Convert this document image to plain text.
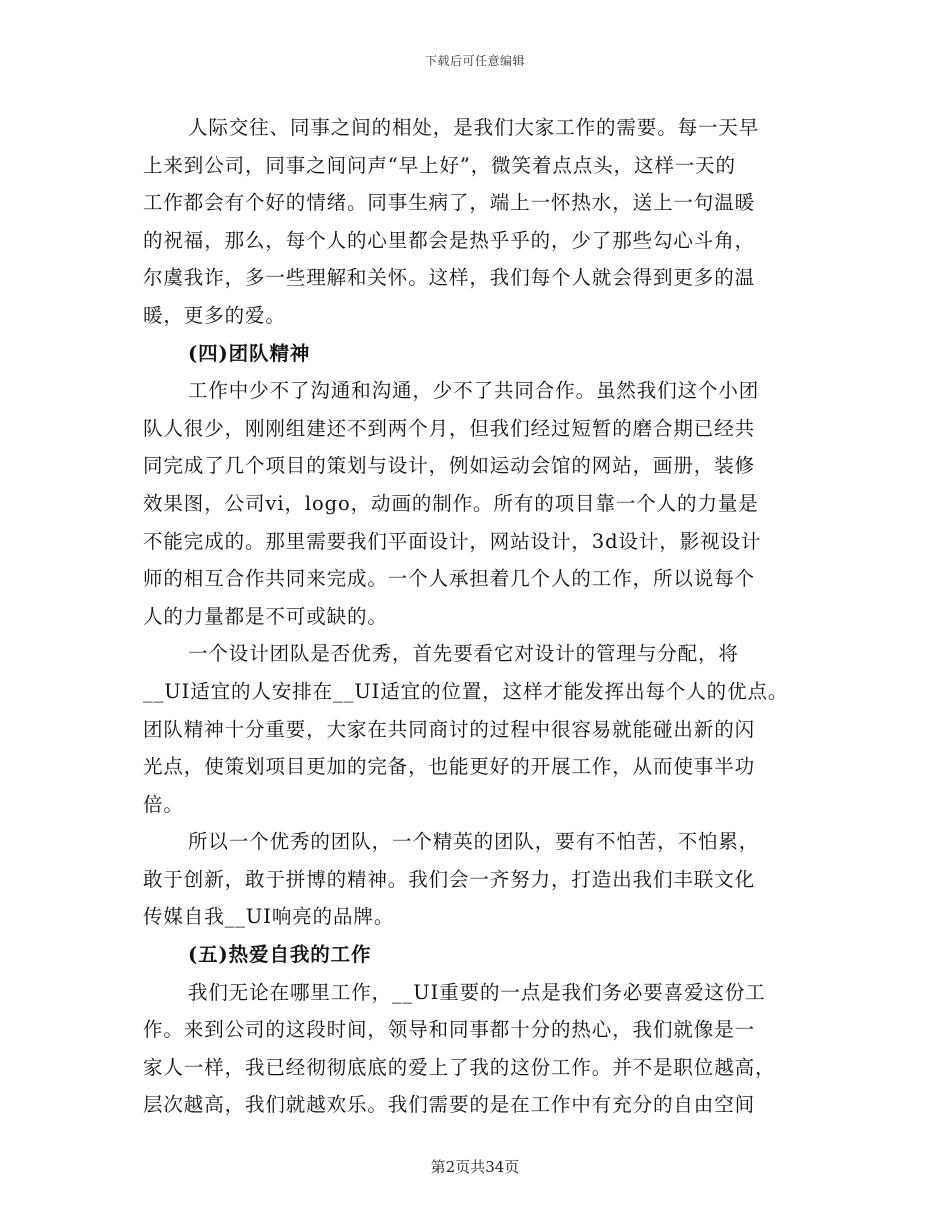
下载后可任意编辑
人际交往、同事之间的相处，是我们大家工作的需要。每一天早
上来到公司，同事之间问声“早上好”，微笑着点点头，这样一天的
工作都会有个好的情绪。同事生病了，端上一怀热水，送上一句温暖
的祝福，那么，每个人的心里都会是热乎乎的，少了那些勾心斗角，
尔虞我诈，多一些理解和关怀。这样，我们每个人就会得到更多的温
暖，更多的爱。
(四)团队精神
工作中少不了沟通和沟通，少不了共同合作。虽然我们这个小团
队人很少，刚刚组建还不到两个月，但我们经过短暂的磨合期已经共
同完成了几个项目的策划与设计，例如运动会馆的网站，画册，装修
效果图，公司vi，logo，动画的制作。所有的项目靠一个人的力量是
不能完成的。那里需要我们平面设计，网站设计，3d设计，影视设计
师的相互合作共同来完成。一个人承担着几个人的工作，所以说每个
人的力量都是不可或缺的。
一个设计团队是否优秀，首先要看它对设计的管理与分配，将
__UI适宜的人安排在__UI适宜的位置，这样才能发挥出每个人的优点。
团队精神十分重要，大家在共同商讨的过程中很容易就能碰出新的闪
光点，使策划项目更加的完备，也能更好的开展工作，从而使事半功
倍。
所以一个优秀的团队，一个精英的团队，要有不怕苦，不怕累，
敢于创新，敢于拼博的精神。我们会一齐努力，打造出我们丰联文化
传媒自我__UI响亮的品牌。
(五)热爱自我的工作
我们无论在哪里工作，__UI重要的一点是我们务必要喜爱这份工
作。来到公司的这段时间，领导和同事都十分的热心，我们就像是一
家人一样，我已经彻彻底底的爱上了我的这份工作。并不是职位越高，
层次越高，我们就越欢乐。我们需要的是在工作中有充分的自由空间
第2页共34页
